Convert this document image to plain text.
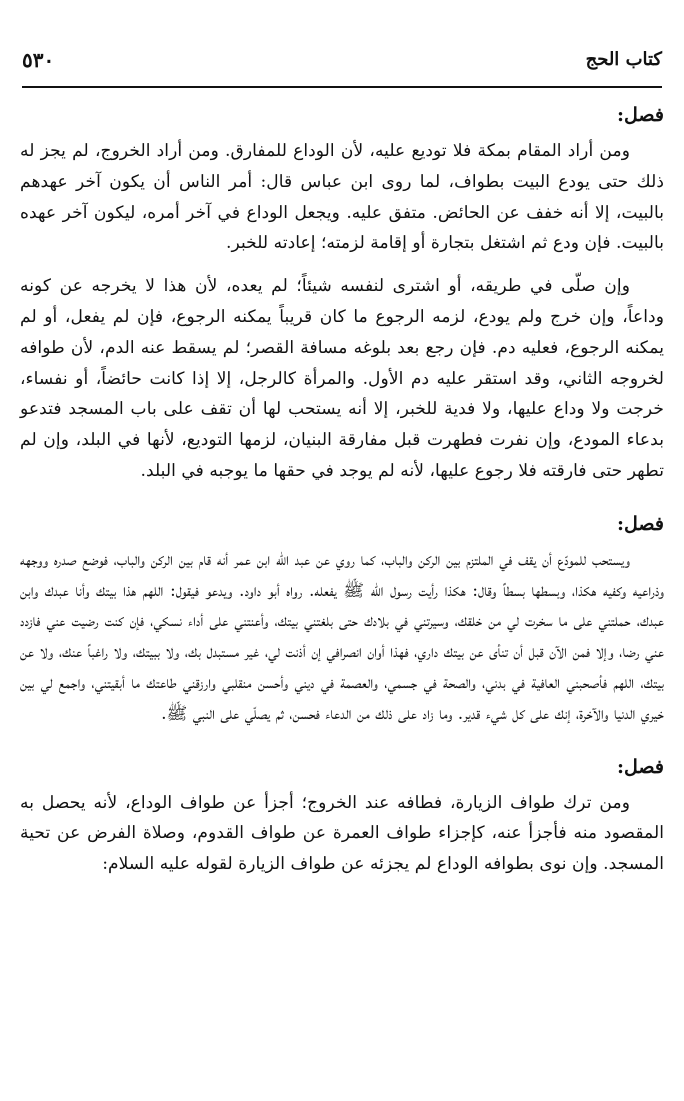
٥٣٠	كتاب الحج
فصل:

ومن أراد المقام بمكة فلا توديع عليه، لأن الوداع للمفارق. ومن أراد الخروج، لم يجز له ذلك حتى يودع البيت بطواف، لما روى ابن عباس قال: أمر الناس أن يكون آخر عهدهم بالبيت، إلا أنه خفف عن الحائض. متفق عليه. ويجعل الوداع في آخر أمره، ليكون آخر عهده بالبيت. فإن ودع ثم اشتغل بتجارة أو إقامة لزمته؛ إعادته للخبر.

وإن صلّى في طريقه، أو اشترى لنفسه شيئاً؛ لم يعده، لأن هذا لا يخرجه عن كونه وداعاً، وإن خرج ولم يودع، لزمه الرجوع ما كان قريباً يمكنه الرجوع، فإن لم يفعل، أو لم يمكنه الرجوع، فعليه دم. فإن رجع بعد بلوغه مسافة القصر؛ لم يسقط عنه الدم، لأن طوافه لخروجه الثاني، وقد استقر عليه دم الأول. والمرأة كالرجل، إلا إذا كانت حائضاً، أو نفساء، خرجت ولا وداع عليها، ولا فدية للخبر، إلا أنه يستحب لها أن تقف على باب المسجد فتدعو بدعاء المودع، وإن نفرت فطهرت قبل مفارقة البنيان، لزمها التوديع، لأنها في البلد، وإن لم تطهر حتى فارقته فلا رجوع عليها، لأنه لم يوجد في حقها ما يوجبه في البلد.

فصل:

ويستحب للمودّع أن يقف في الملتزم بين الركن والباب، كما روي عن عبد الله ابن عمر أنه قام بين الركن والباب، فوضع صدره ووجهه وذراعيه وكفيه هكذا، وبسطها بسطاً وقال: هكذا رأيت رسول الله ﷺ يفعله. رواه أبو داود. ويدعو فيقول: اللهم هذا بيتك وأنا عبدك وابن عبدك، حملتني على ما سخرت لي من خلقك، وسيرتني في بلادك حتى بلغتني بيتك، وأعنتني على أداء نسكي، فإن كنت رضيت عني فازدد عني رضا، وإلا فمن الآن قبل أن تنأى عن بيتك داري، فهذا أوان انصرافي إن أذنت لي، غير مستبدل بك، ولا ببيتك، ولا راغباً عنك، ولا عن بيتك، اللهم فأصحبني العافية في بدني، والصحة في جسمي، والعصمة في ديني وأحسن منقلبي وارزقني طاعتك ما أبقيتني، واجمع لي بين خيري الدنيا والآخرة، إنك على كل شيء قدير. وما زاد على ذلك من الدعاء فحسن، ثم يصلّي على النبي ﷺ.

فصل:

ومن ترك طواف الزيارة، فطافه عند الخروج؛ أجزأ عن طواف الوداع، لأنه يحصل به المقصود منه فأجزأ عنه، كإجزاء طواف العمرة عن طواف القدوم، وصلاة الفرض عن تحية المسجد. وإن نوى بطوافه الوداع لم يجزئه عن طواف الزيارة لقوله عليه السلام:
